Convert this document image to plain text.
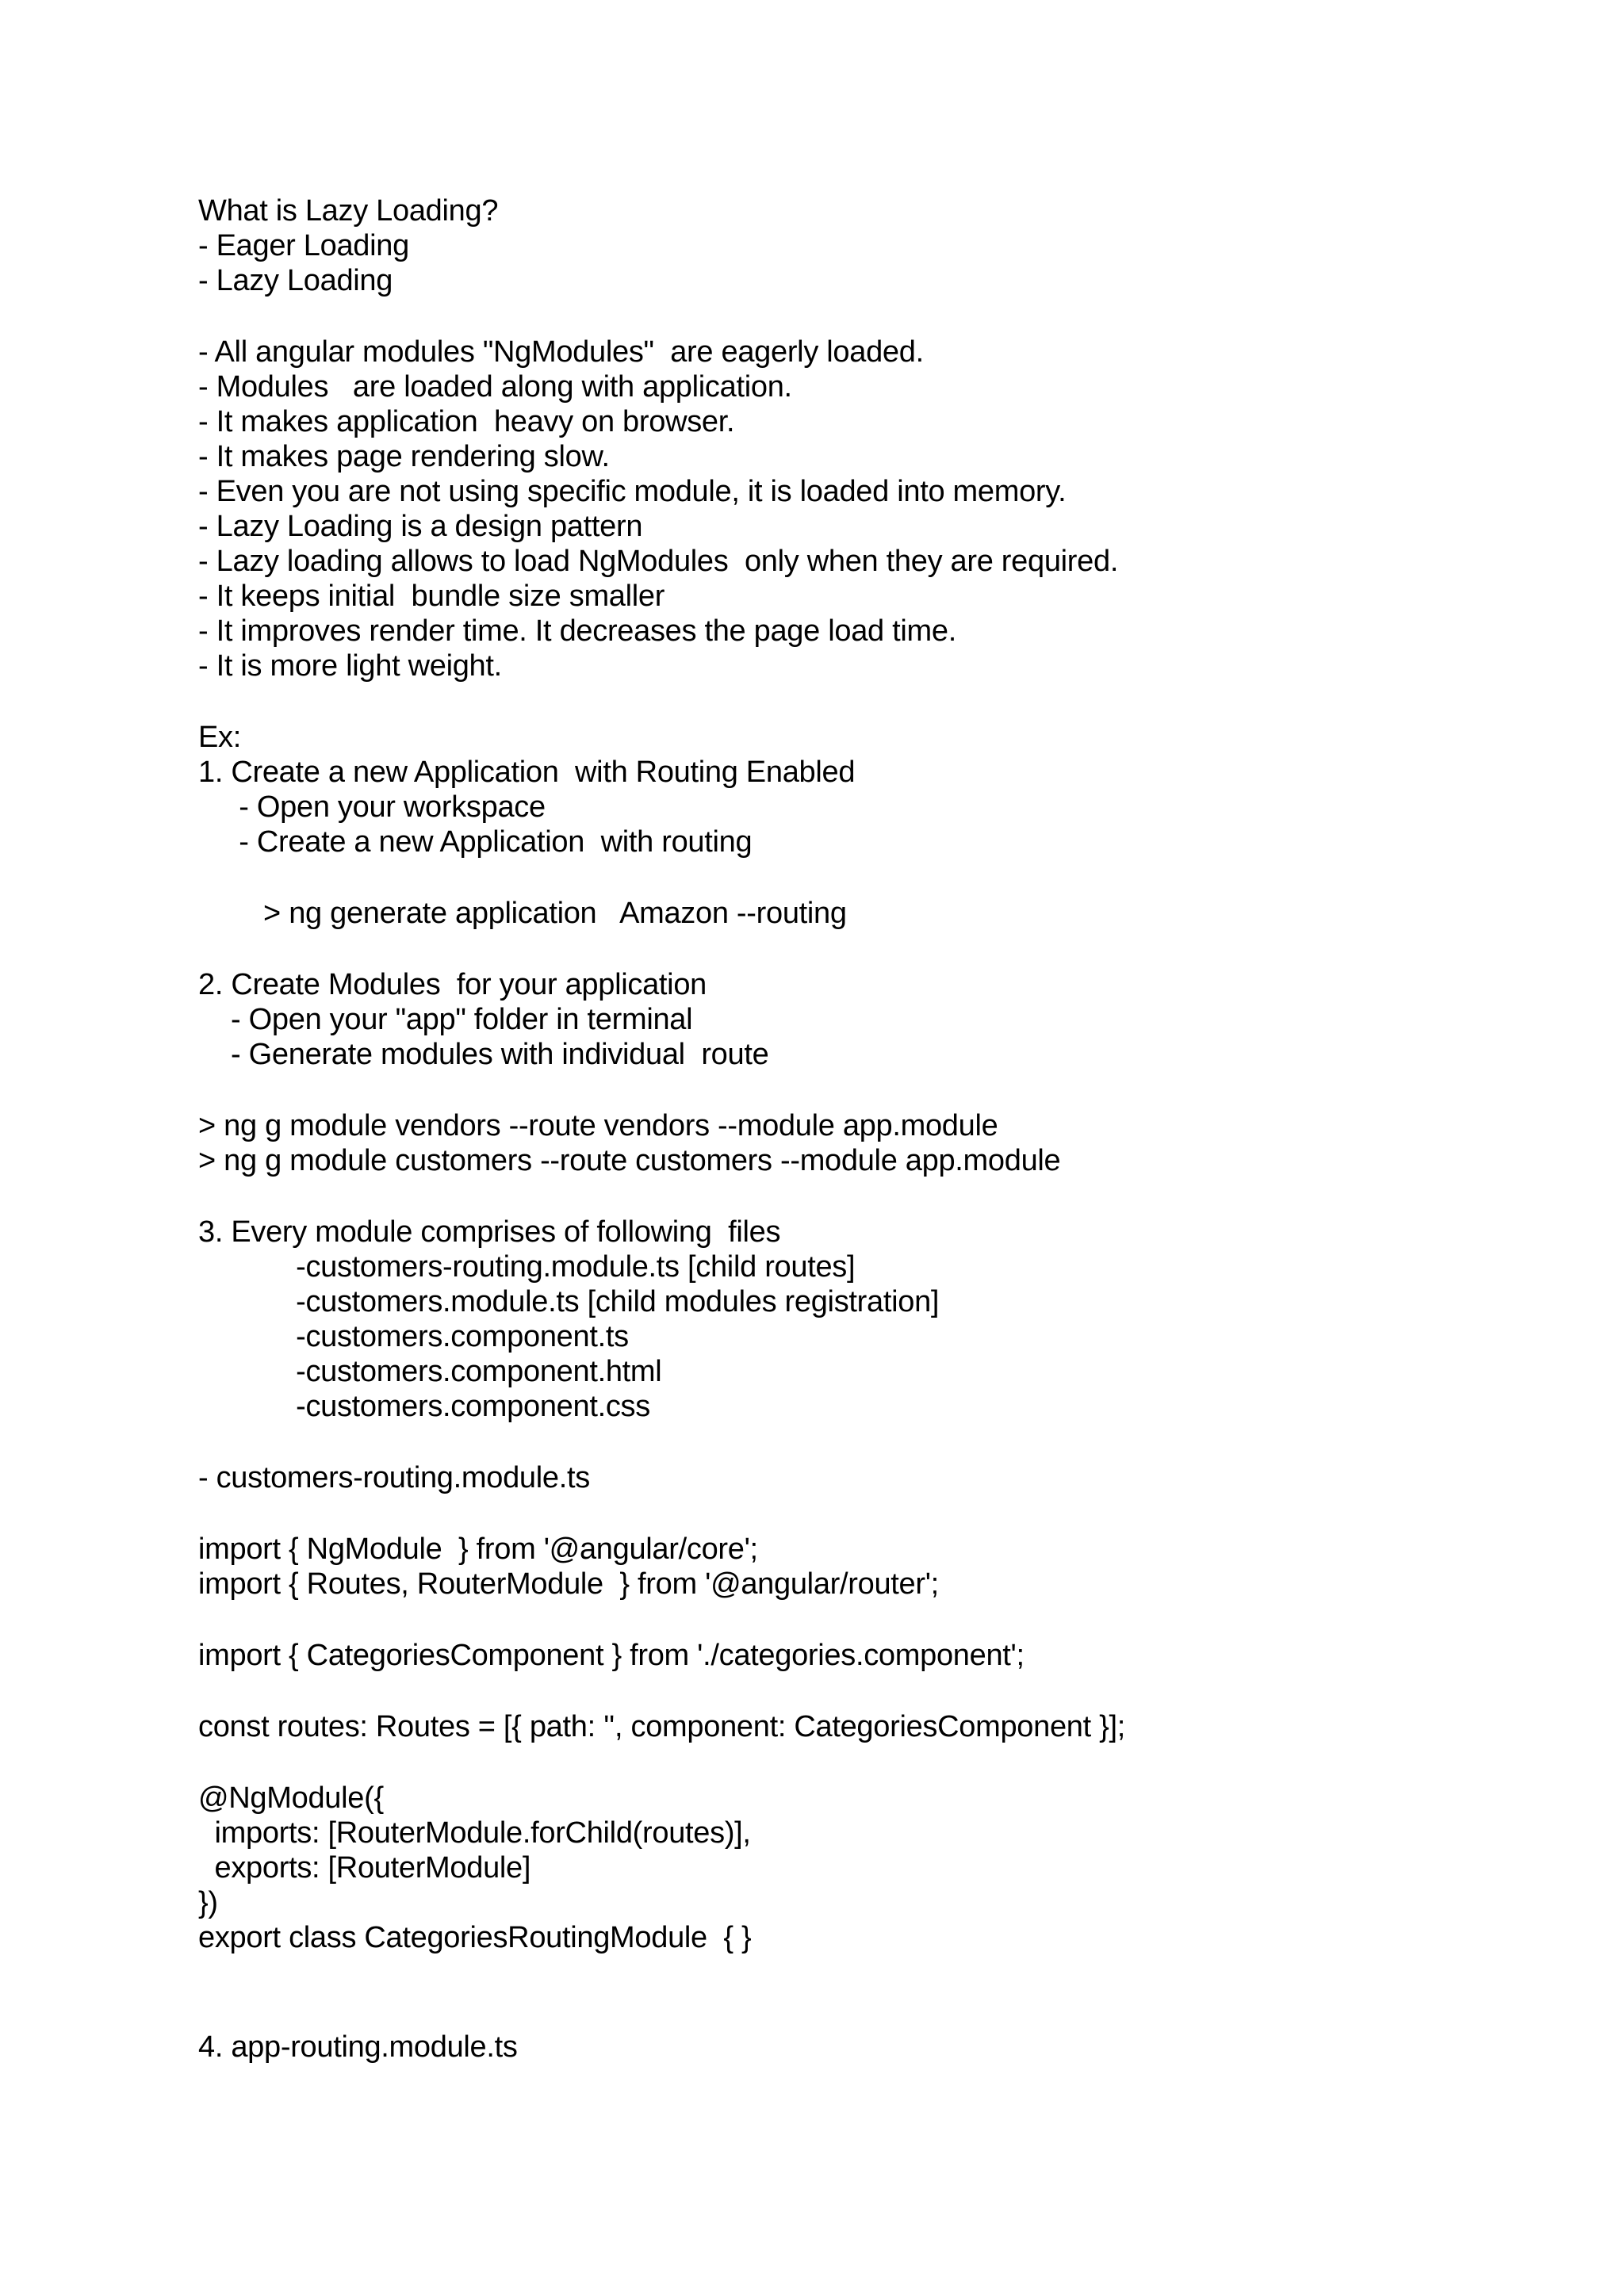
What is Lazy Loading?
- Eager Loading
- Lazy Loading
- All angular modules "NgModules"  are eagerly loaded.
- Modules   are loaded along with application.
- It makes application  heavy on browser.
- It makes page rendering slow.
- Even you are not using specific module, it is loaded into memory.
- Lazy Loading is a design pattern
- Lazy loading allows to load NgModules  only when they are required.
- It keeps initial  bundle size smaller
- It improves render time. It decreases the page load time.
- It is more light weight.
Ex:
1. Create a new Application  with Routing Enabled
- Open your workspace
- Create a new Application  with routing
> ng generate application   Amazon --routing
2. Create Modules  for your application
- Open your "app" folder in terminal
- Generate modules with individual  route
> ng g module vendors --route vendors --module app.module
> ng g module customers --route customers --module app.module
3. Every module comprises of following  files
-customers-routing.module.ts [child routes]
-customers.module.ts [child modules registration]
-customers.component.ts
-customers.component.html
-customers.component.css
- customers-routing.module.ts
import { NgModule  } from '@angular/core';
import { Routes, RouterModule  } from '@angular/router';
import { CategoriesComponent } from './categories.component';
const routes: Routes = [{ path: '', component: CategoriesComponent }];
@NgModule({
imports: [RouterModule.forChild(routes)],
exports: [RouterModule]
})
export class CategoriesRoutingModule  { }
4. app-routing.module.ts
